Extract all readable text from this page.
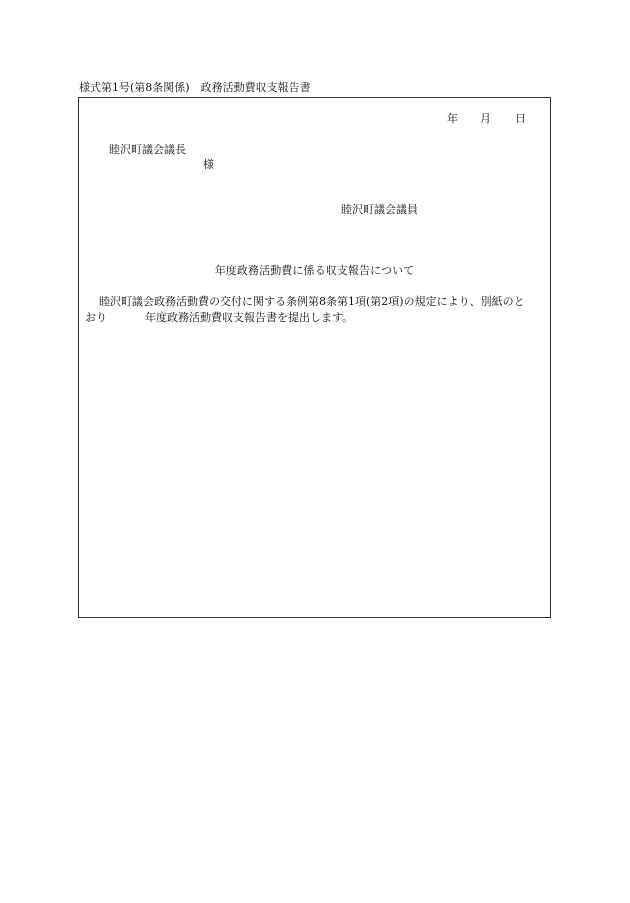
様式第1号(第8条関係)　政務活動費収支報告書
年 月 日
睦沢町議会議長
様
睦沢町議会議員
年度政務活動費に係る収支報告について
睦沢町議会政務活動費の交付に関する条例第8条第1項(第2項)の規定により、別紙のと
おり	年度政務活動費収支報告書を提出します。
